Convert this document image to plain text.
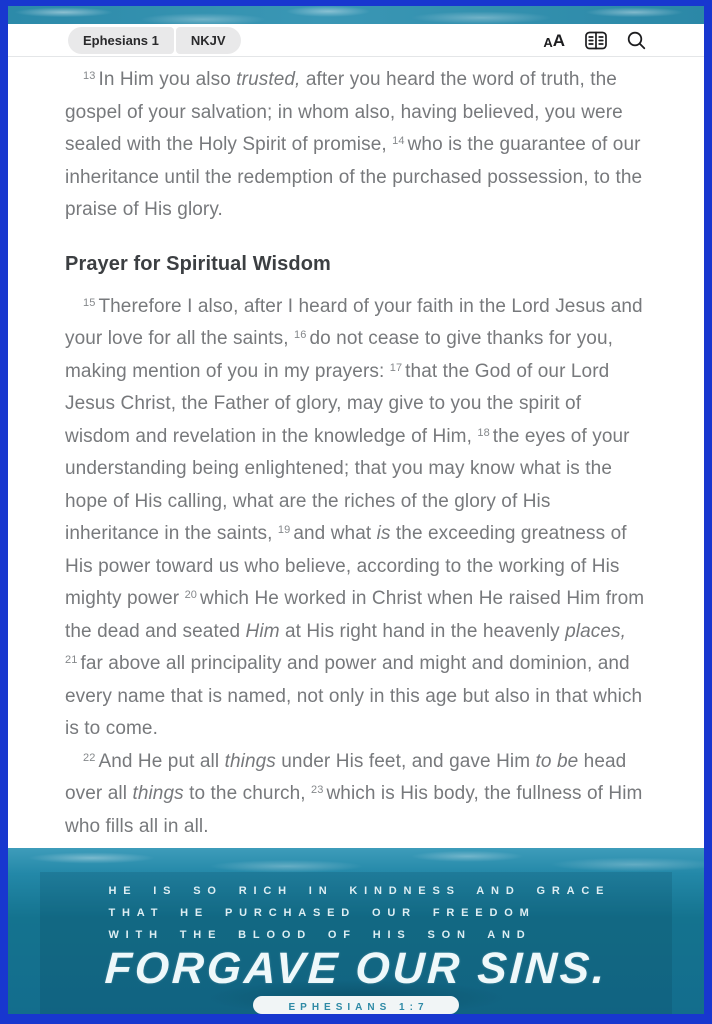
Ephesians 1	NKJV	A A

$^{13}$ In Him you also trusted, after you heard the word of truth, the gospel of your salvation; in whom also, having believed, you were sealed with the Holy Spirit of promise, $^{14}$ who is the guarantee of our inheritance until the redemption of the purchased possession, to the praise of His glory.

Prayer for Spiritual Wisdom

$^{15}$ Therefore I also, after I heard of your faith in the Lord Jesus and your love for all the saints, $^{16}$ do not cease to give thanks for you, making mention of you in my prayers: $^{17}$ that the God of our Lord Jesus Christ, the Father of glory, may give to you the spirit of wisdom and revelation in the knowledge of Him, $^{18}$ the eyes of your understanding being enlightened; that you may know what is the hope of His calling, what are the riches of the glory of His inheritance in the saints, $^{19}$ and what is the exceeding greatness of His power toward us who believe, according to the working of His mighty power $^{20}$ which He worked in Christ when He raised Him from the dead and seated Him at His right hand in the heavenly places, $^{21}$ far above all principality and power and might and dominion, and every name that is named, not only in this age but also in that which is to come.

$^{22}$ And He put all things under His feet, and gave Him to be head over all things to the church, $^{23}$ which is His body, the fullness of Him who fills all in all.

HE IS SO RICH IN KINDNESS AND GRACE
THAT HE PURCHASED OUR FREEDOM
WITH THE BLOOD OF HIS SON AND
FORGAVE OUR SINS.
EPHESIANS 1:7
